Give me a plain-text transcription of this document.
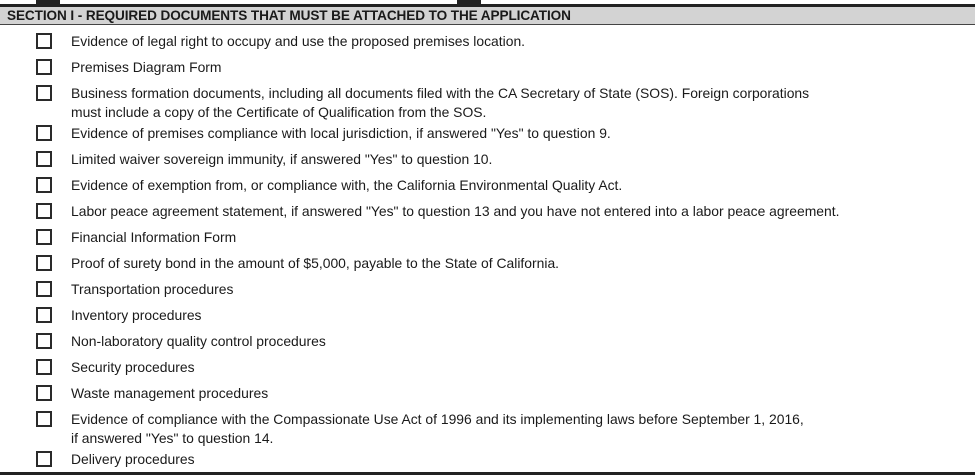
SECTION I - REQUIRED DOCUMENTS THAT MUST BE ATTACHED TO THE APPLICATION
Evidence of legal right to occupy and use the proposed premises location.
Premises Diagram Form
Business formation documents, including all documents filed with the CA Secretary of State (SOS). Foreign corporations
must include a copy of the Certificate of Qualification from the SOS.
Evidence of premises compliance with local jurisdiction, if answered "Yes" to question 9.
Limited waiver sovereign immunity, if answered "Yes" to question 10.
Evidence of exemption from, or compliance with, the California Environmental Quality Act.
Labor peace agreement statement, if answered "Yes" to question 13 and you have not entered into a labor peace agreement.
Financial Information Form
Proof of surety bond in the amount of $5,000, payable to the State of California.
Transportation procedures
Inventory procedures
Non-laboratory quality control procedures
Security procedures
Waste management procedures
Evidence of compliance with the Compassionate Use Act of 1996 and its implementing laws before September 1, 2016,
if answered "Yes" to question 14.
Delivery procedures
